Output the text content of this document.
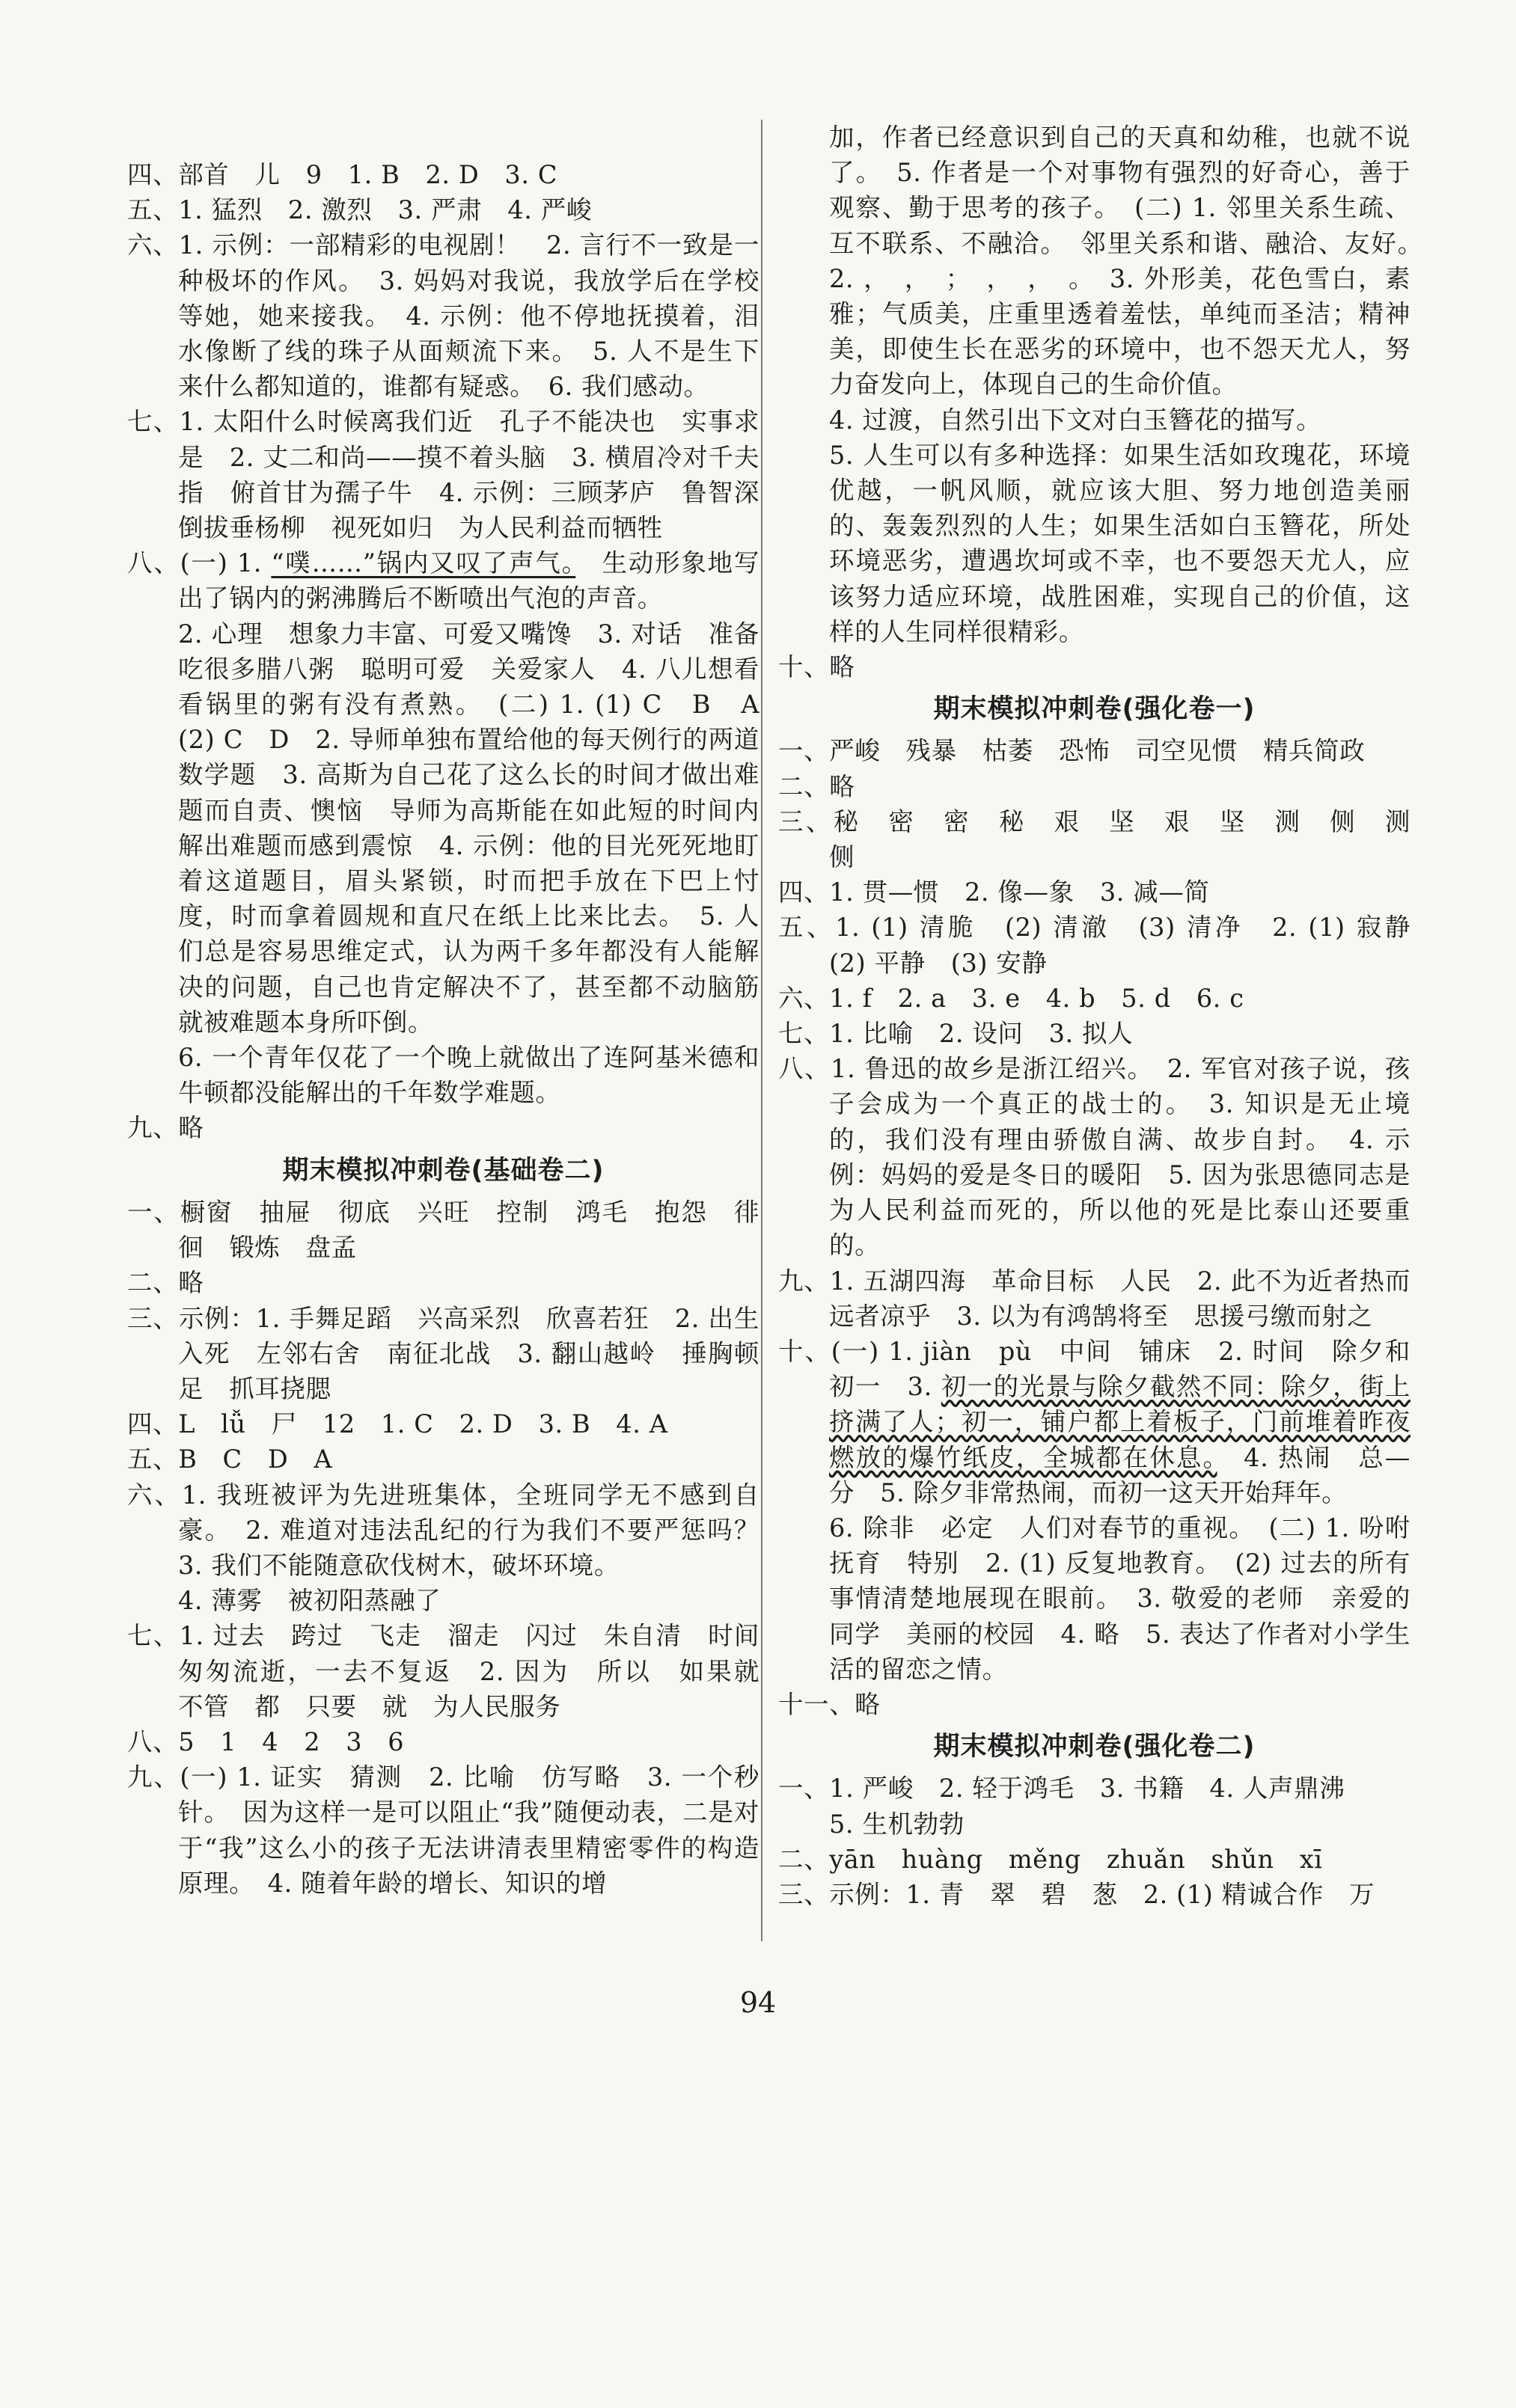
四、部首　儿　9　1. B　2. D　3. C

五、1. 猛烈　2. 激烈　3. 严肃　4. 严峻

六、1. 示例：一部精彩的电视剧！　2. 言行不一致是一种极坏的作风。　3. 妈妈对我说，我放学后在学校等她，她来接我。　4. 示例：他不停地抚摸着，泪水像断了线的珠子从面颊流下来。　5. 人不是生下来什么都知道的，谁都有疑惑。　6. 我们感动。

七、1. 太阳什么时候离我们近　孔子不能决也　实事求是　2. 丈二和尚——摸不着头脑　3. 横眉冷对千夫指　俯首甘为孺子牛　4. 示例：三顾茅庐　鲁智深倒拔垂杨柳　视死如归　为人民利益而牺牲

八、(一) 1. “噗……”锅内又叹了声气。　生动形象地写出了锅内的粥沸腾后不断喷出气泡的声音。

2. 心理　想象力丰富、可爱又嘴馋　3. 对话　准备吃很多腊八粥　聪明可爱　关爱家人　4. 八儿想看看锅里的粥有没有煮熟。　(二) 1. (1) C　B　A　(2) C　D　2. 导师单独布置给他的每天例行的两道数学题　3. 高斯为自己花了这么长的时间才做出难题而自责、懊恼　导师为高斯能在如此短的时间内解出难题而感到震惊　4. 示例：他的目光死死地盯着这道题目，眉头紧锁，时而把手放在下巴上忖度，时而拿着圆规和直尺在纸上比来比去。　5. 人们总是容易思维定式，认为两千多年都没有人能解决的问题，自己也肯定解决不了，甚至都不动脑筋就被难题本身所吓倒。

6. 一个青年仅花了一个晚上就做出了连阿基米德和牛顿都没能解出的千年数学难题。

九、略

期末模拟冲刺卷(基础卷二)

一、橱窗　抽屉　彻底　兴旺　控制　鸿毛　抱怨　徘徊　锻炼　盘孟

二、略

三、示例：1. 手舞足蹈　兴高采烈　欣喜若狂　2. 出生入死　左邻右舍　南征北战　3. 翻山越岭　捶胸顿足　抓耳挠腮

四、L　lǚ　尸　12　1. C　2. D　3. B　4. A

五、B　C　D　A

六、1. 我班被评为先进班集体，全班同学无不感到自豪。　2. 难道对违法乱纪的行为我们不要严惩吗？　3. 我们不能随意砍伐树木，破坏环境。

4. 薄雾　被初阳蒸融了

七、1. 过去　跨过　飞走　溜走　闪过　朱自清　时间匆匆流逝，一去不复返　2. 因为　所以　如果就　不管　都　只要　就　为人民服务

八、5　1　4　2　3　6

九、(一) 1. 证实　猜测　2. 比喻　仿写略　3. 一个秒针。　因为这样一是可以阻止“我”随便动表，二是对于“我”这么小的孩子无法讲清表里精密零件的构造原理。　4. 随着年龄的增长、知识的增

加，作者已经意识到自己的天真和幼稚，也就不说了。　5. 作者是一个对事物有强烈的好奇心，善于观察、勤于思考的孩子。　(二) 1. 邻里关系生疏、互不联系、不融洽。　邻里关系和谐、融洽、友好。　2. ，　，　；　，　，　。　3. 外形美，花色雪白，素雅；气质美，庄重里透着羞怯，单纯而圣洁；精神美，即使生长在恶劣的环境中，也不怨天尤人，努力奋发向上，体现自己的生命价值。

4. 过渡，自然引出下文对白玉簪花的描写。

5. 人生可以有多种选择：如果生活如玫瑰花，环境优越，一帆风顺，就应该大胆、努力地创造美丽的、轰轰烈烈的人生；如果生活如白玉簪花，所处环境恶劣，遭遇坎坷或不幸，也不要怨天尤人，应该努力适应环境，战胜困难，实现自己的价值，这样的人生同样很精彩。

十、略

期末模拟冲刺卷(强化卷一)

一、严峻　残暴　枯萎　恐怖　司空见惯　精兵简政

二、略

三、秘　密　密　秘　艰　坚　艰　坚　测　侧　测　侧

四、1. 贯—惯　2. 像—象　3. 减—简

五、1. (1) 清脆　(2) 清澈　(3) 清净　2. (1) 寂静　(2) 平静　(3) 安静

六、1. f　2. a　3. e　4. b　5. d　6. c

七、1. 比喻　2. 设问　3. 拟人

八、1. 鲁迅的故乡是浙江绍兴。　2. 军官对孩子说，孩子会成为一个真正的战士的。　3. 知识是无止境的，我们没有理由骄傲自满、故步自封。　4. 示例：妈妈的爱是冬日的暖阳　5. 因为张思德同志是为人民利益而死的，所以他的死是比泰山还要重的。

九、1. 五湖四海　革命目标　人民　2. 此不为近者热而远者凉乎　3. 以为有鸿鹄将至　思援弓缴而射之

十、(一) 1. jiàn　pù　中间　铺床　2. 时间　除夕和初一　3. 初一的光景与除夕截然不同：除夕，街上挤满了人；初一，铺户都上着板子，门前堆着昨夜燃放的爆竹纸皮，全城都在休息。　4. 热闹　总—分　5. 除夕非常热闹，而初一这天开始拜年。

6. 除非　必定　人们对春节的重视。　(二) 1. 吩咐　抚育　特别　2. (1) 反复地教育。　(2) 过去的所有事情清楚地展现在眼前。　3. 敬爱的老师　亲爱的同学　美丽的校园　4. 略　5. 表达了作者对小学生活的留恋之情。

十一、略

期末模拟冲刺卷(强化卷二)

一、1. 严峻　2. 轻于鸿毛　3. 书籍　4. 人声鼎沸

5. 生机勃勃

二、yān　huàng　měng　zhuǎn　shǔn　xī

三、示例：1. 青　翠　碧　葱　2. (1) 精诚合作　万

94
